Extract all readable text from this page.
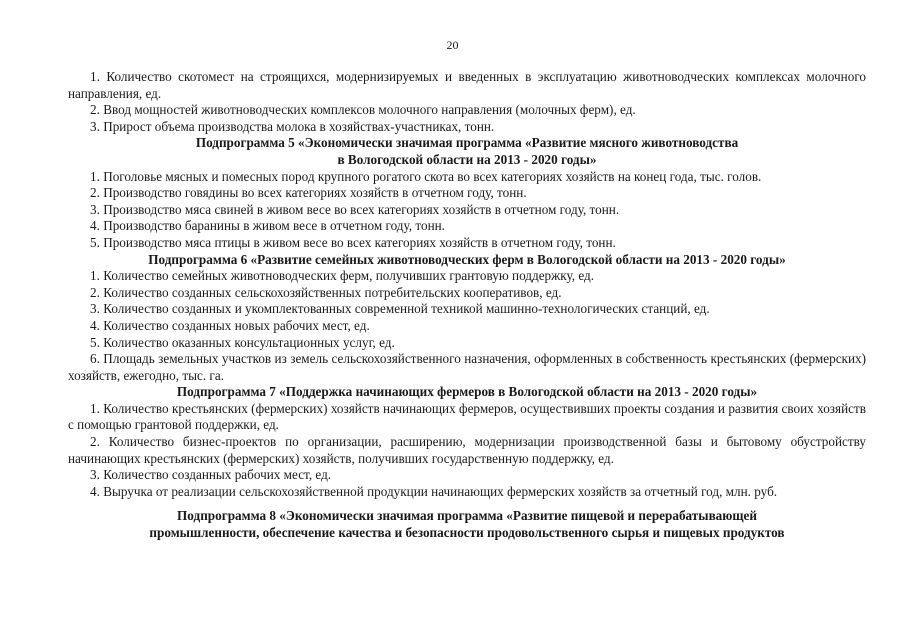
20

1. Количество скотомест на строящихся, модернизируемых и введенных в эксплуатацию животноводческих комплексах молочного направления, ед.

2. Ввод мощностей животноводческих комплексов молочного направления (молочных ферм), ед.

3. Прирост объема производства молока в хозяйствах-участниках, тонн.

Подпрограмма 5 «Экономически значимая программа «Развитие мясного животноводства
в Вологодской области на 2013 - 2020 годы»

1. Поголовье мясных и помесных пород крупного рогатого скота во всех категориях хозяйств на конец года, тыс. голов.

2. Производство говядины во всех категориях хозяйств в отчетном году, тонн.

3. Производство мяса свиней в живом весе во всех категориях хозяйств в отчетном году, тонн.

4. Производство баранины в живом весе в отчетном году, тонн.

5. Производство мяса птицы в живом весе во всех категориях хозяйств в отчетном году, тонн.

Подпрограмма 6 «Развитие семейных животноводческих ферм в Вологодской области на 2013 - 2020 годы»

1. Количество семейных животноводческих ферм, получивших грантовую поддержку, ед.

2. Количество созданных сельскохозяйственных потребительских кооперативов, ед.

3. Количество созданных и укомплектованных современной техникой машинно-технологических станций, ед.

4. Количество созданных новых рабочих мест, ед.

5. Количество оказанных консультационных услуг, ед.

6. Площадь земельных участков из земель сельскохозяйственного назначения, оформленных в собственность крестьянских (фермерских) хозяйств, ежегодно, тыс. га.

Подпрограмма 7 «Поддержка начинающих фермеров в Вологодской области на 2013 - 2020 годы»

1. Количество крестьянских (фермерских) хозяйств начинающих фермеров, осуществивших проекты создания и развития своих хозяйств с помощью грантовой поддержки, ед.

2. Количество бизнес-проектов по организации, расширению, модернизации производственной базы и бытовому обустройству начинающих крестьянских (фермерских) хозяйств, получивших государственную поддержку, ед.

3. Количество созданных рабочих мест, ед.

4. Выручка от реализации сельскохозяйственной продукции начинающих фермерских хозяйств за отчетный год, млн. руб.

Подпрограмма 8 «Экономически значимая программа «Развитие пищевой и перерабатывающей
промышленности, обеспечение качества и безопасности продовольственного сырья и пищевых продуктов
